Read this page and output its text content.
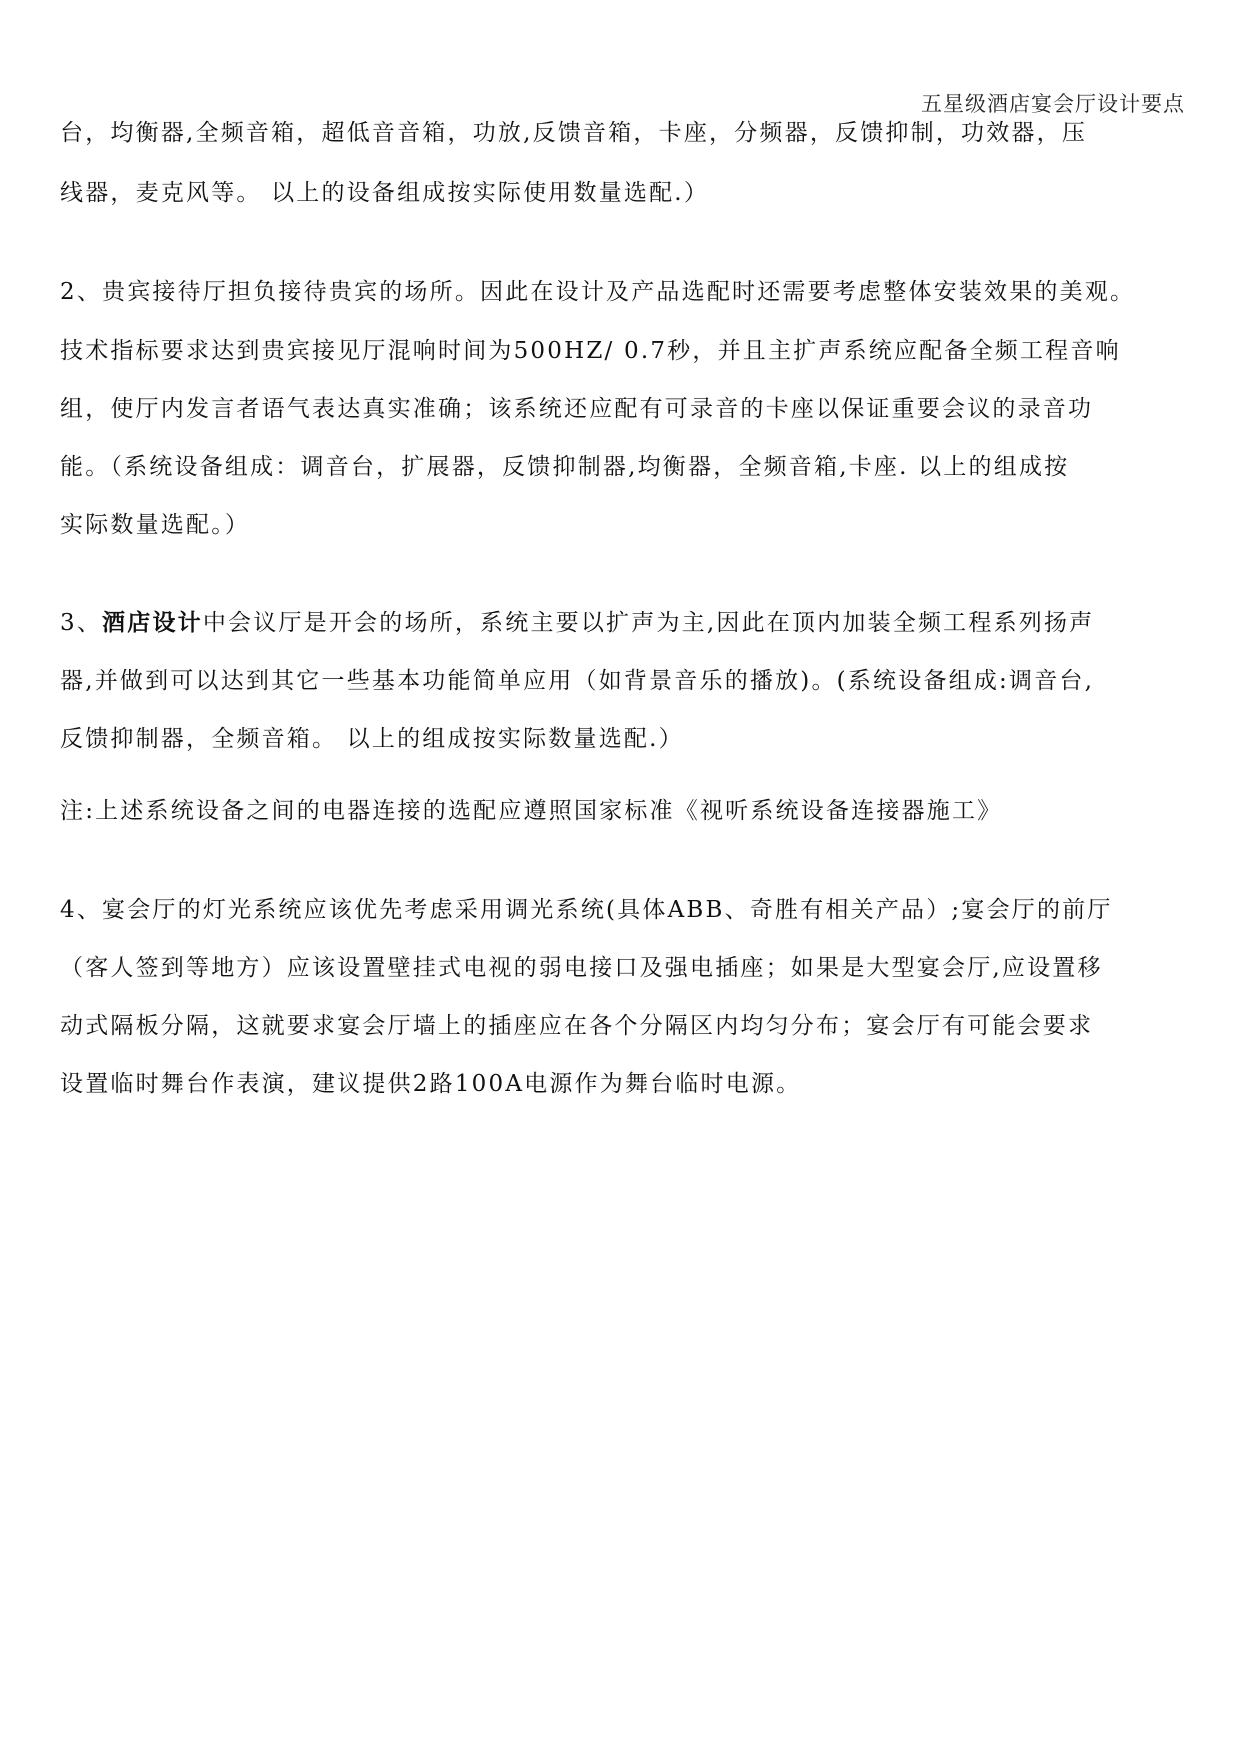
五星级酒店宴会厅设计要点
台，均衡器,全频音箱，超低音音箱，功放,反馈音箱，卡座，分频器，反馈抑制，功效器，压
线器，麦克风等。 以上的设备组成按实际使用数量选配.）
2、贵宾接待厅担负接待贵宾的场所。因此在设计及产品选配时还需要考虑整体安装效果的美观。
技术指标要求达到贵宾接见厅混响时间为500HZ/ 0.7秒，并且主扩声系统应配备全频工程音响
组，使厅内发言者语气表达真实准确；该系统还应配有可录音的卡座以保证重要会议的录音功
能。（系统设备组成：调音台，扩展器，反馈抑制器,均衡器，全频音箱,卡座. 以上的组成按
实际数量选配。）
3、酒店设计中会议厅是开会的场所，系统主要以扩声为主,因此在顶内加装全频工程系列扬声
器,并做到可以达到其它一些基本功能简单应用（如背景音乐的播放)。(系统设备组成:调音台,
反馈抑制器，全频音箱。 以上的组成按实际数量选配.）
注:上述系统设备之间的电器连接的选配应遵照国家标准《视听系统设备连接器施工》
4、宴会厅的灯光系统应该优先考虑采用调光系统(具体ABB、奇胜有相关产品）;宴会厅的前厅
（客人签到等地方）应该设置壁挂式电视的弱电接口及强电插座；如果是大型宴会厅,应设置移
动式隔板分隔，这就要求宴会厅墙上的插座应在各个分隔区内均匀分布；宴会厅有可能会要求
设置临时舞台作表演，建议提供2路100A电源作为舞台临时电源。
